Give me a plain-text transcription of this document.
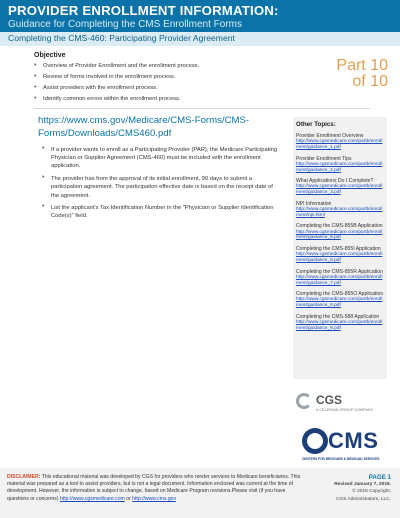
PROVIDER ENROLLMENT INFORMATION:
Guidance for Completing the CMS Enrollment Forms
Completing the CMS-460: Participating Provider Agreement
Objective
• Overview of Provider Enrollment and the enrollment process.
• Review of forms involved in the enrollment process.
• Assist providers with the enrollment process.
• Identify common errors within the enrollment process.
Part 10
of 10
https://www.cms.gov/Medicare/CMS-Forms/CMS-Forms/Downloads/CMS460.pdf
• If a provider wants to enroll as a Participating Provider (PAR), the Medicare Participating Physician or Supplier Agreement (CMS-460) must be included with the enrollment application.
• The provider has from the approval of its initial enrollment, 90 days to submit a participation agreement. The participation effective date is based on the receipt date of the agreement.
• List the applicant's Tax Identification Number in the "Physician or Supplier Identification Code(s)" field.
Other Topics:
Provider Enrollment Overview
http://www.cgsmedicare.com/partb/enrollment/guidance_1.pdf
Provider Enrollment Tips
http://www.cgsmedicare.com/partb/enrollment/guidance_2.pdf
What Applications Do I Complete?
http://www.cgsmedicare.com/partb/enrollment/guidance_3.pdf
NPI Information
http://www.cgsmedicare.com/partb/enrollment/npi.html
Completing the CMS-855B Application
http://www.cgsmedicare.com/partb/enrollment/guidance_5.pdf
Completing the CMS-855I Application
http://www.cgsmedicare.com/partb/enrollment/guidance_6.pdf
Completing the CMS-855R Application
http://www.cgsmedicare.com/partb/enrollment/guidance_7.pdf
Completing the CMS-855O Application
http://www.cgsmedicare.com/partb/enrollment/guidance_8.pdf
Completing the CMS-588 Application
http://www.cgsmedicare.com/partb/enrollment/guidance_9.pdf
CGS
A CELERIAN GROUP COMPANY
CMS
CENTERS FOR MEDICARE & MEDICAID SERVICES
DISCLAIMER: This educational material was developed by CGS for providers who render services to Medicare beneficiaries. This material was prepared as a tool to assist providers, but is not a legal document. Information enclosed was current at the time of development. However, the information is subject to change, based on Medicare Program revisions.Please visit (if you have questions or concerns) http://www.cgsmedicare.com or http://www.cms.gov
PAGE 1
Revised January 7, 2016.
© 2016 Copyright,
CGS Administrators, LLC.
